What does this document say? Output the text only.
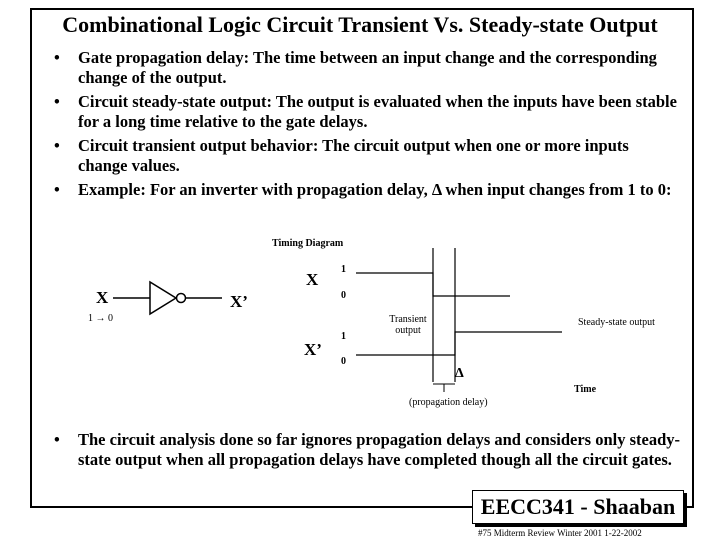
Combinational Logic Circuit Transient Vs. Steady-state Output
• Gate propagation delay: The time between an input change and the corresponding change of the output.
• Circuit steady-state output: The output is evaluated when the inputs have been stable for a long time relative to the gate delays.
• Circuit transient output behavior: The circuit output when one or more inputs change values.
• Example: For an inverter with propagation delay, Δ when input changes from 1 to 0:
Timing Diagram
X
1 → 0
X’
X
1
0
X’
1
0
Transient output
Steady-state output
Δ
(propagation delay)
Time
• The circuit analysis done so far ignores propagation delays and considers only steady-state output when all propagation delays have completed though all the circuit gates.
EECC341 - Shaaban
#75 Midterm Review Winter 2001 1-22-2002
